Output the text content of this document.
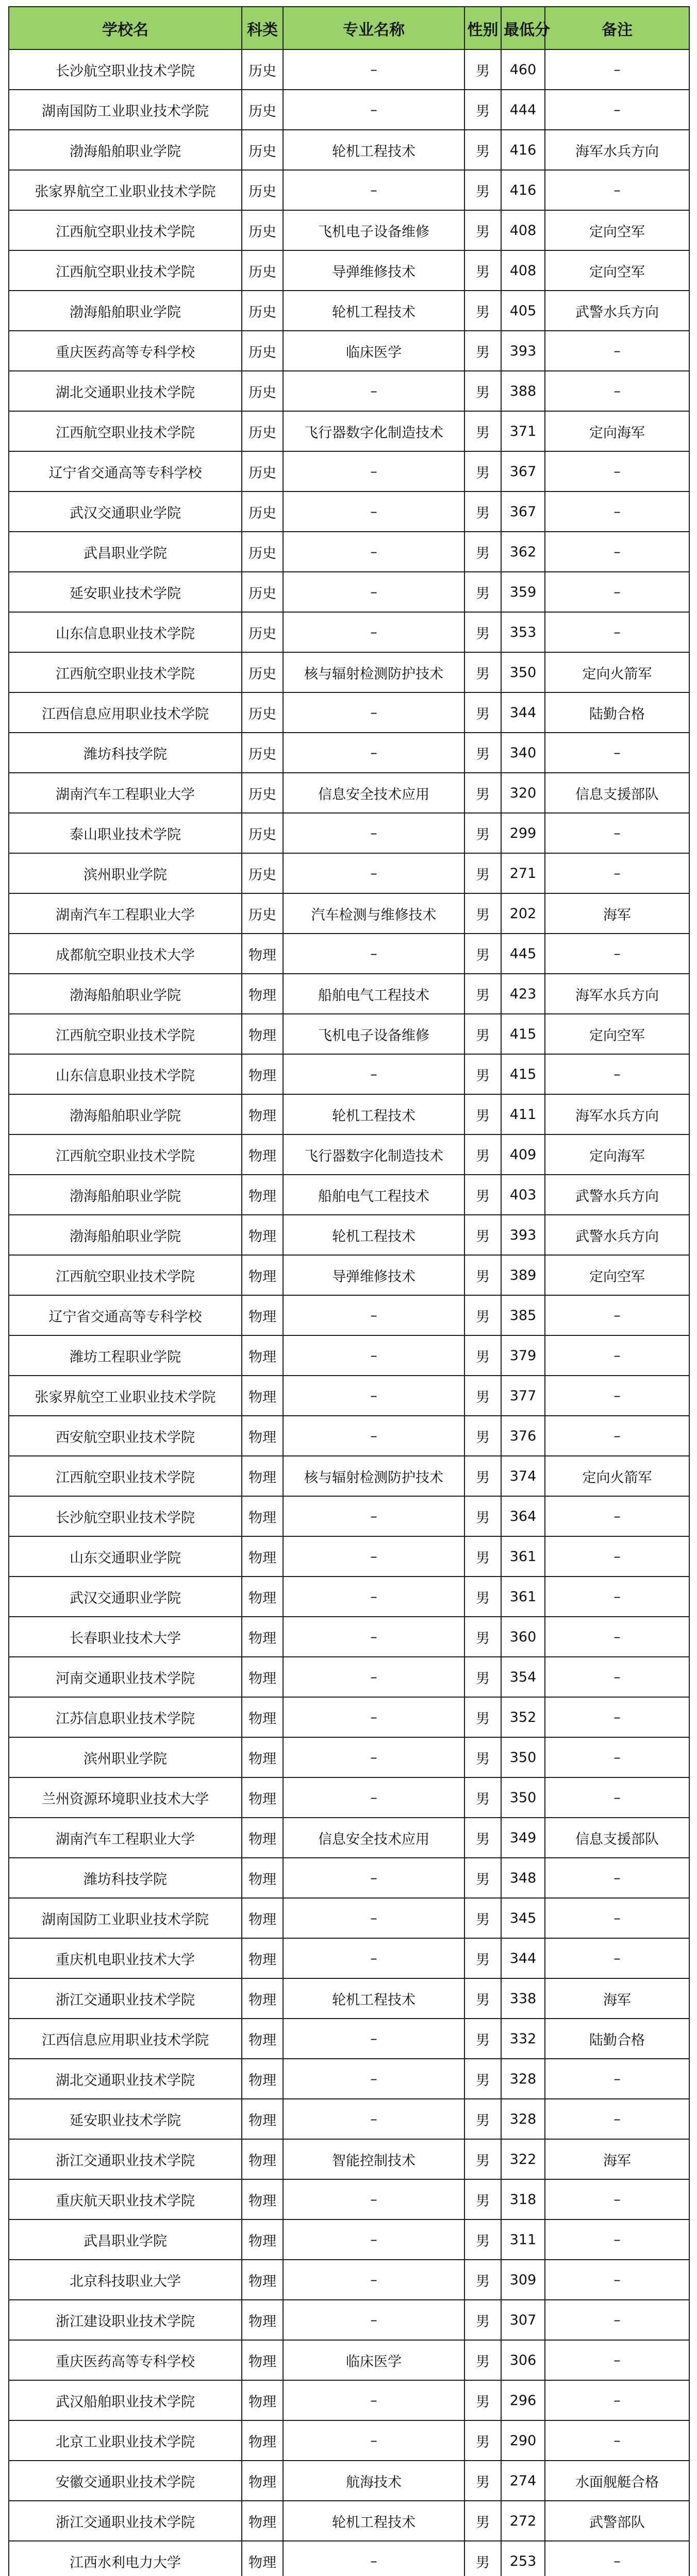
学校名	科类	专业名称	性别	最低分	备注
长沙航空职业技术学院	历史	–	男	460	–
湖南国防工业职业技术学院	历史	–	男	444	–
渤海船舶职业学院	历史	轮机工程技术	男	416	海军水兵方向
张家界航空工业职业技术学院	历史	–	男	416	–
江西航空职业技术学院	历史	飞机电子设备维修	男	408	定向空军
江西航空职业技术学院	历史	导弹维修技术	男	408	定向空军
渤海船舶职业学院	历史	轮机工程技术	男	405	武警水兵方向
重庆医药高等专科学校	历史	临床医学	男	393	–
湖北交通职业技术学院	历史	–	男	388	–
江西航空职业技术学院	历史	飞行器数字化制造技术	男	371	定向海军
辽宁省交通高等专科学校	历史	–	男	367	–
武汉交通职业学院	历史	–	男	367	–
武昌职业学院	历史	–	男	362	–
延安职业技术学院	历史	–	男	359	–
山东信息职业技术学院	历史	–	男	353	–
江西航空职业技术学院	历史	核与辐射检测防护技术	男	350	定向火箭军
江西信息应用职业技术学院	历史	–	男	344	陆勤合格
潍坊科技学院	历史	–	男	340	–
湖南汽车工程职业大学	历史	信息安全技术应用	男	320	信息支援部队
泰山职业技术学院	历史	–	男	299	–
滨州职业学院	历史	–	男	271	–
湖南汽车工程职业大学	历史	汽车检测与维修技术	男	202	海军
成都航空职业技术大学	物理	–	男	445	–
渤海船舶职业学院	物理	船舶电气工程技术	男	423	海军水兵方向
江西航空职业技术学院	物理	飞机电子设备维修	男	415	定向空军
山东信息职业技术学院	物理	–	男	415	–
渤海船舶职业学院	物理	轮机工程技术	男	411	海军水兵方向
江西航空职业技术学院	物理	飞行器数字化制造技术	男	409	定向海军
渤海船舶职业学院	物理	船舶电气工程技术	男	403	武警水兵方向
渤海船舶职业学院	物理	轮机工程技术	男	393	武警水兵方向
江西航空职业技术学院	物理	导弹维修技术	男	389	定向空军
辽宁省交通高等专科学校	物理	–	男	385	–
潍坊工程职业学院	物理	–	男	379	–
张家界航空工业职业技术学院	物理	–	男	377	–
西安航空职业技术学院	物理	–	男	376	–
江西航空职业技术学院	物理	核与辐射检测防护技术	男	374	定向火箭军
长沙航空职业技术学院	物理	–	男	364	–
山东交通职业学院	物理	–	男	361	–
武汉交通职业学院	物理	–	男	361	–
长春职业技术大学	物理	–	男	360	–
河南交通职业技术学院	物理	–	男	354	–
江苏信息职业技术学院	物理	–	男	352	–
滨州职业学院	物理	–	男	350	–
兰州资源环境职业技术大学	物理	–	男	350	–
湖南汽车工程职业大学	物理	信息安全技术应用	男	349	信息支援部队
潍坊科技学院	物理	–	男	348	–
湖南国防工业职业技术学院	物理	–	男	345	–
重庆机电职业技术大学	物理	–	男	344	–
浙江交通职业技术学院	物理	轮机工程技术	男	338	海军
江西信息应用职业技术学院	物理	–	男	332	陆勤合格
湖北交通职业技术学院	物理	–	男	328	–
延安职业技术学院	物理	–	男	328	–
浙江交通职业技术学院	物理	智能控制技术	男	322	海军
重庆航天职业技术学院	物理	–	男	318	–
武昌职业学院	物理	–	男	311	–
北京科技职业大学	物理	–	男	309	–
浙江建设职业技术学院	物理	–	男	307	–
重庆医药高等专科学校	物理	临床医学	男	306	–
武汉船舶职业技术学院	物理	–	男	296	–
北京工业职业技术学院	物理	–	男	290	–
安徽交通职业技术学院	物理	航海技术	男	274	水面舰艇合格
浙江交通职业技术学院	物理	轮机工程技术	男	272	武警部队
江西水利电力大学	物理	–	男	253	–
